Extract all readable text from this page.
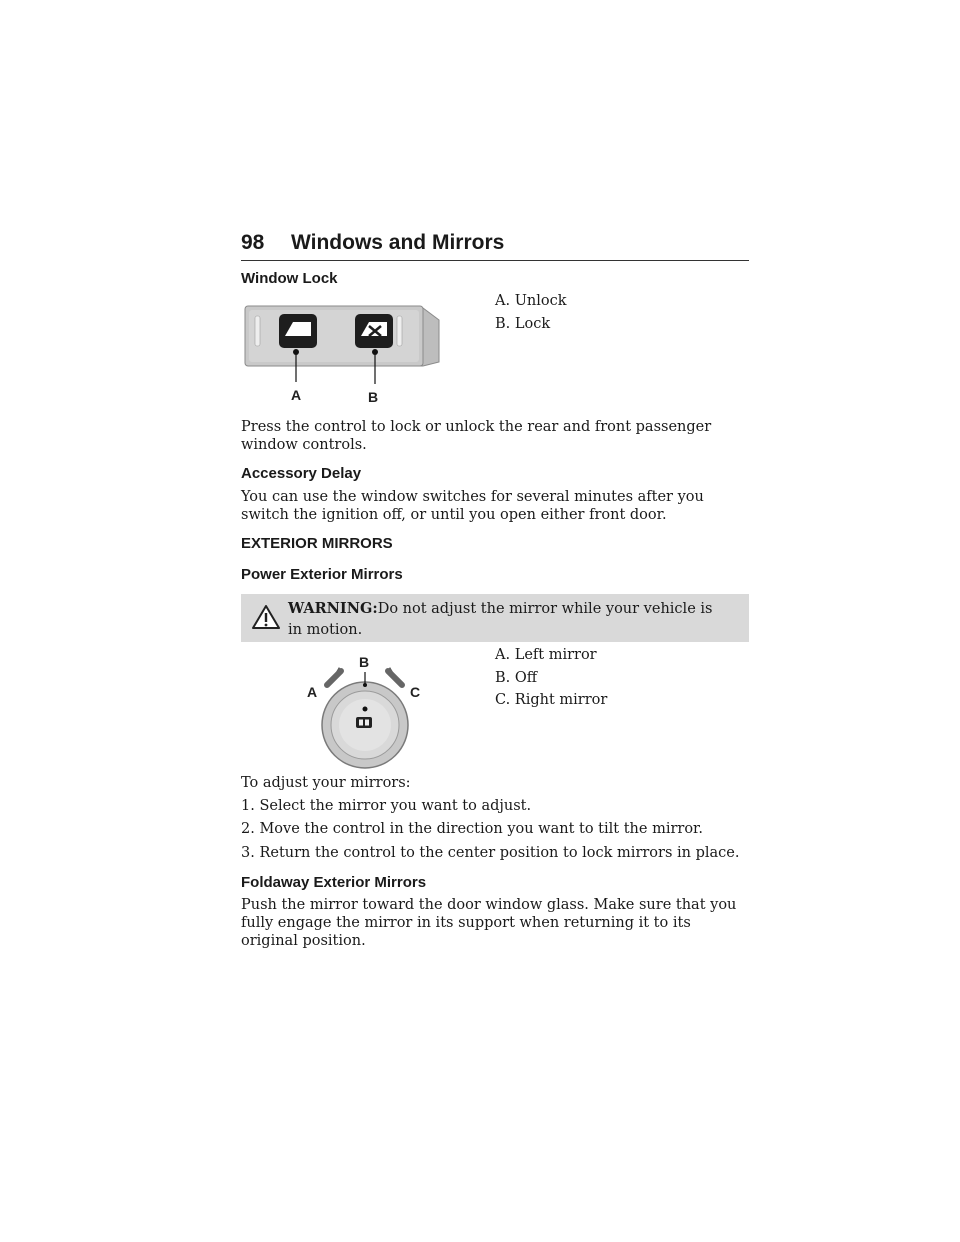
98 Windows and Mirrors
Window Lock
A	B
A. Unlock
B. Lock
Press the control to lock or unlock the rear and front passenger window controls.
Accessory Delay
You can use the window switches for several minutes after you switch the ignition off, or until you open either front door.
EXTERIOR MIRRORS
Power Exterior Mirrors
WARNING:Do not adjust the mirror while your vehicle is in motion.
B
A	C
A. Left mirror
B. Off
C. Right mirror
To adjust your mirrors:
1. Select the mirror you want to adjust.
2. Move the control in the direction you want to tilt the mirror.
3. Return the control to the center position to lock mirrors in place.
Foldaway Exterior Mirrors
Push the mirror toward the door window glass. Make sure that you fully engage the mirror in its support when returning it to its original position.
